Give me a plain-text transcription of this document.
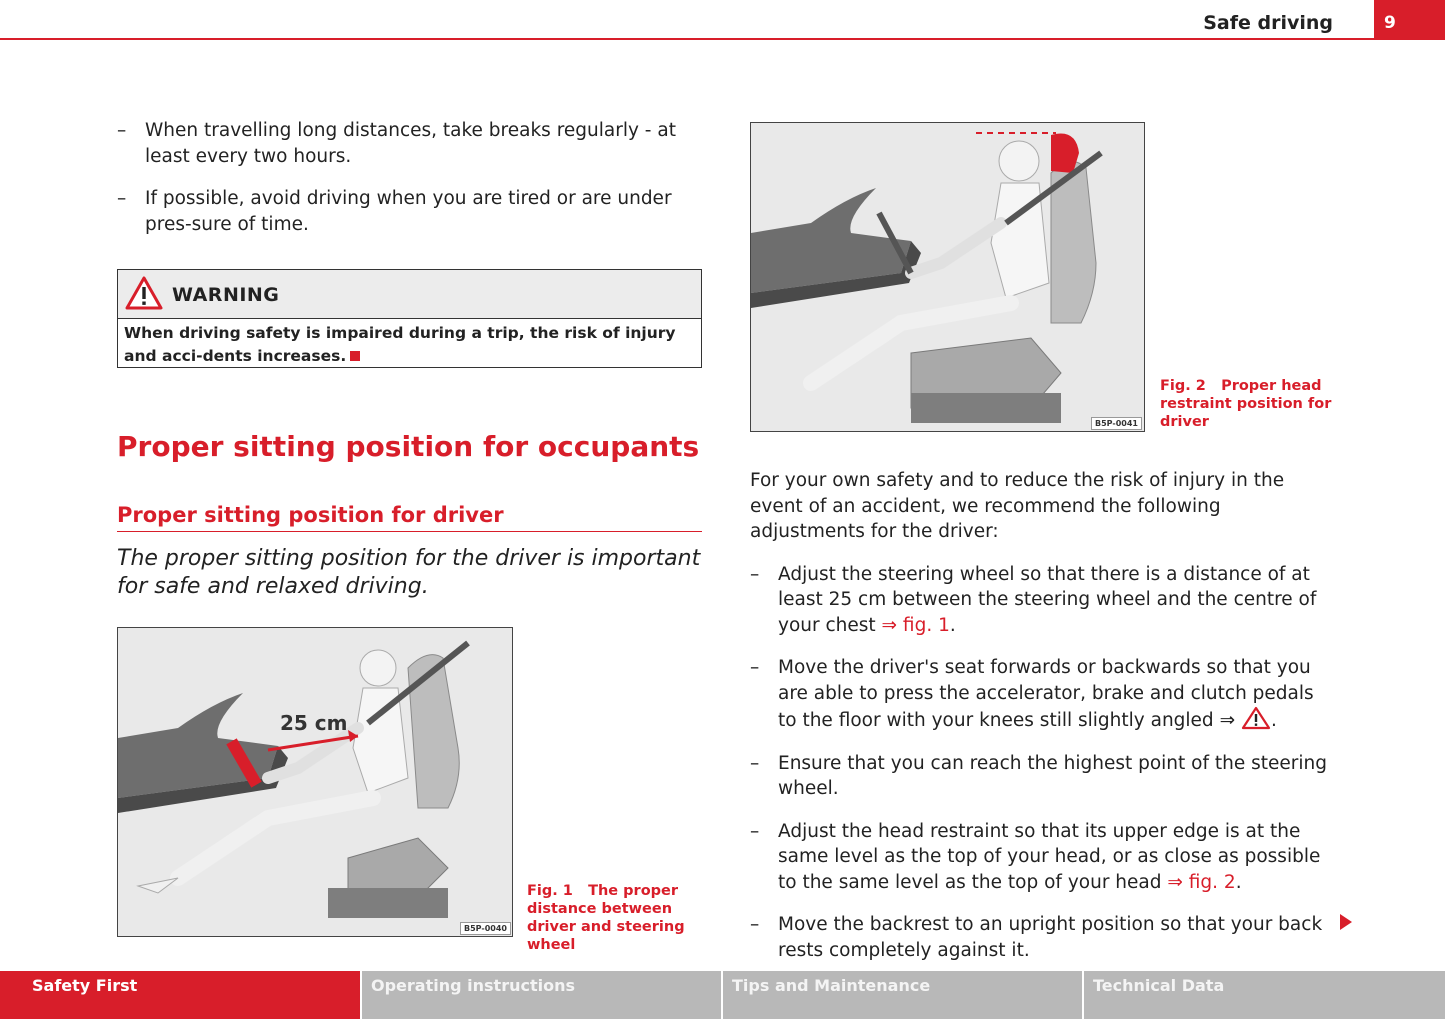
Safe driving	9
– When travelling long distances, take breaks regularly - at least every two hours.
– If possible, avoid driving when you are tired or are under pres-sure of time.
WARNING
When driving safety is impaired during a trip, the risk of injury and acci-dents increases.
Proper sitting position for occupants
Proper sitting position for driver
The proper sitting position for the driver is important for safe and relaxed driving.
25 cm
B5P-0040
Fig. 1 The proper distance between driver and steering wheel
B5P-0041
Fig. 2 Proper head restraint position for driver

For your own safety and to reduce the risk of injury in the event of an accident, we recommend the following adjustments for the driver:

– Adjust the steering wheel so that there is a distance of at least 25 cm between the steering wheel and the centre of your chest ⇒ fig. 1.
– Move the driver's seat forwards or backwards so that you are able to press the accelerator, brake and clutch pedals to the floor with your knees still slightly angled ⇒ .
– Ensure that you can reach the highest point of the steering wheel.
– Adjust the head restraint so that its upper edge is at the same level as the top of your head, or as close as possible to the same level as the top of your head ⇒ fig. 2.
– Move the backrest to an upright position so that your back rests completely against it.
Safety First	Operating instructions	Tips and Maintenance	Technical Data
